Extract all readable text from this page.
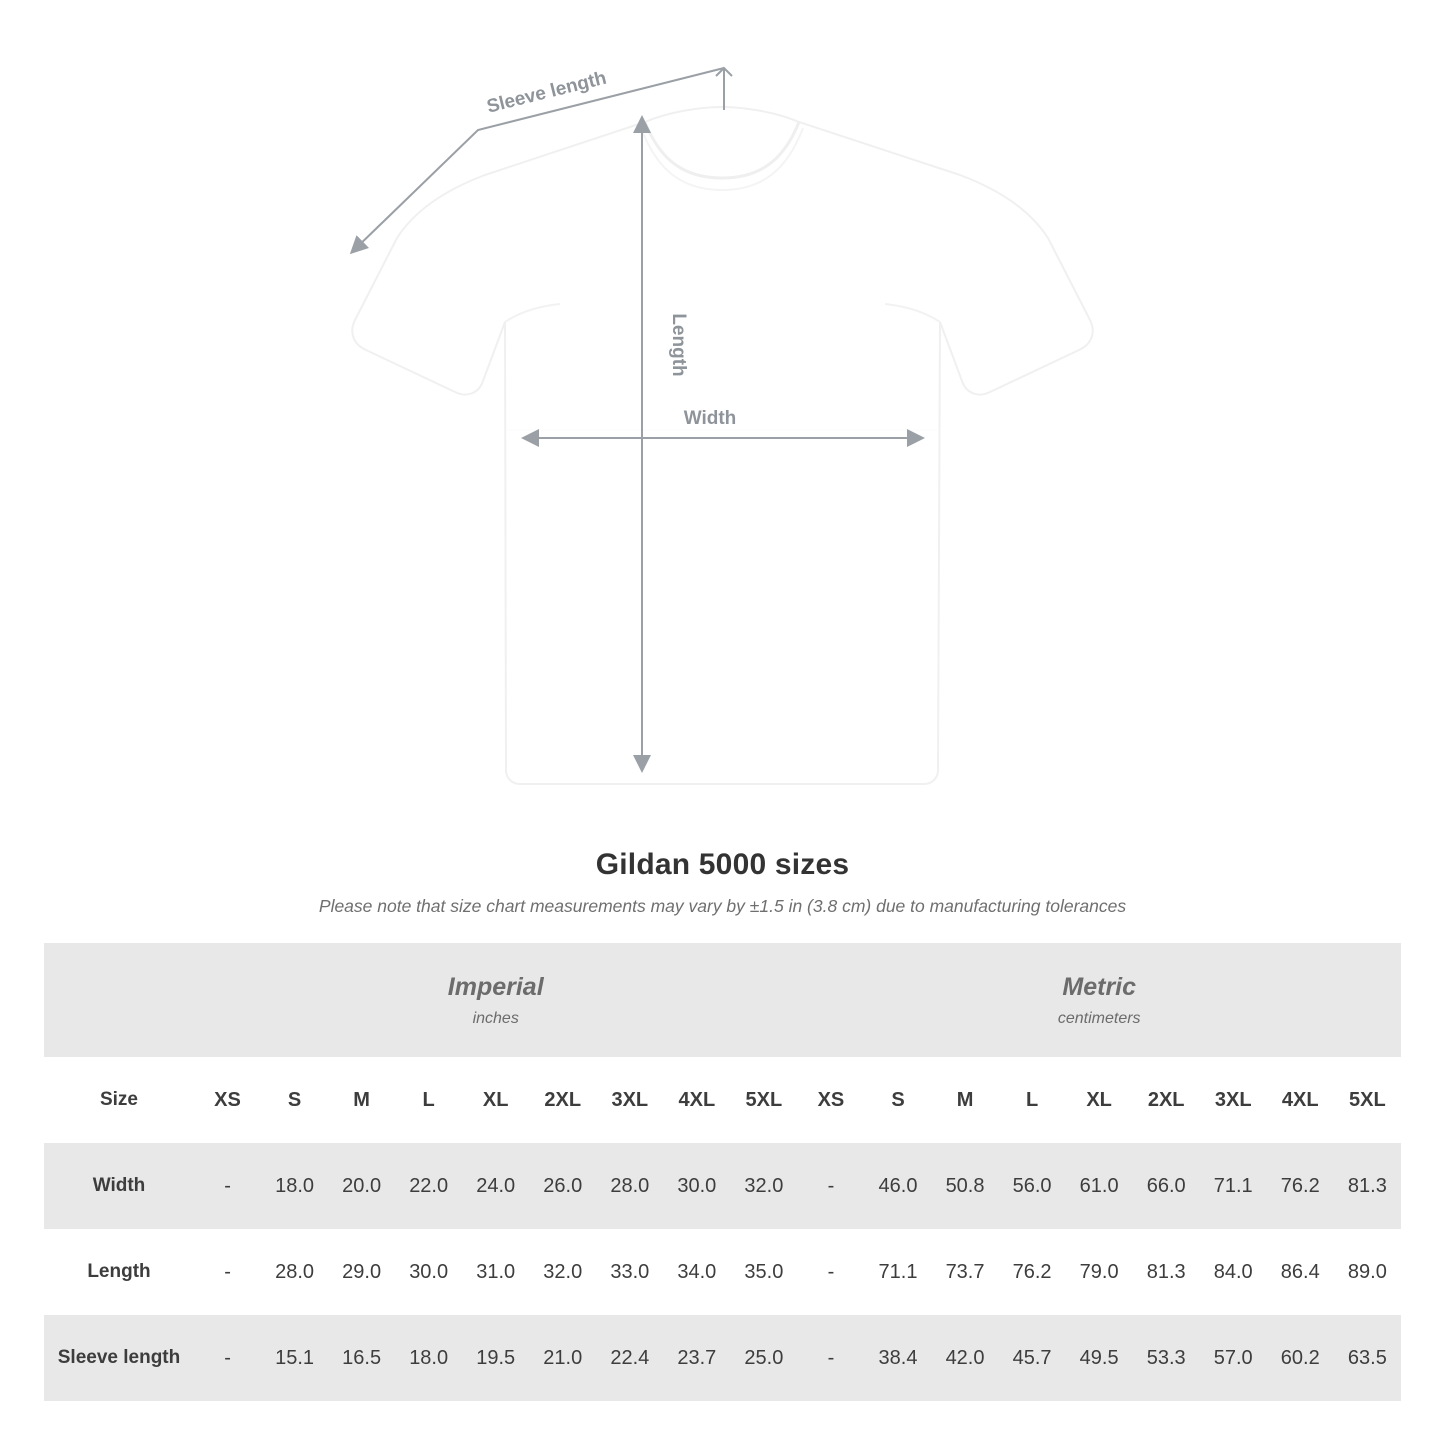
Width
Length
Sleeve length
Gildan 5000 sizes
Please note that size chart measurements may vary by ±1.5 in (3.8 cm) due to manufacturing tolerances

Imperial
inches

Metric
centimeters

Size	XS	S	M	L	XL	2XL	3XL	4XL	5XL	XS	S	M	L	XL	2XL	3XL	4XL	5XL
Width	-	18.0	20.0	22.0	24.0	26.0	28.0	30.0	32.0	-	46.0	50.8	56.0	61.0	66.0	71.1	76.2	81.3
Length	-	28.0	29.0	30.0	31.0	32.0	33.0	34.0	35.0	-	71.1	73.7	76.2	79.0	81.3	84.0	86.4	89.0
Sleeve length	-	15.1	16.5	18.0	19.5	21.0	22.4	23.7	25.0	-	38.4	42.0	45.7	49.5	53.3	57.0	60.2	63.5
